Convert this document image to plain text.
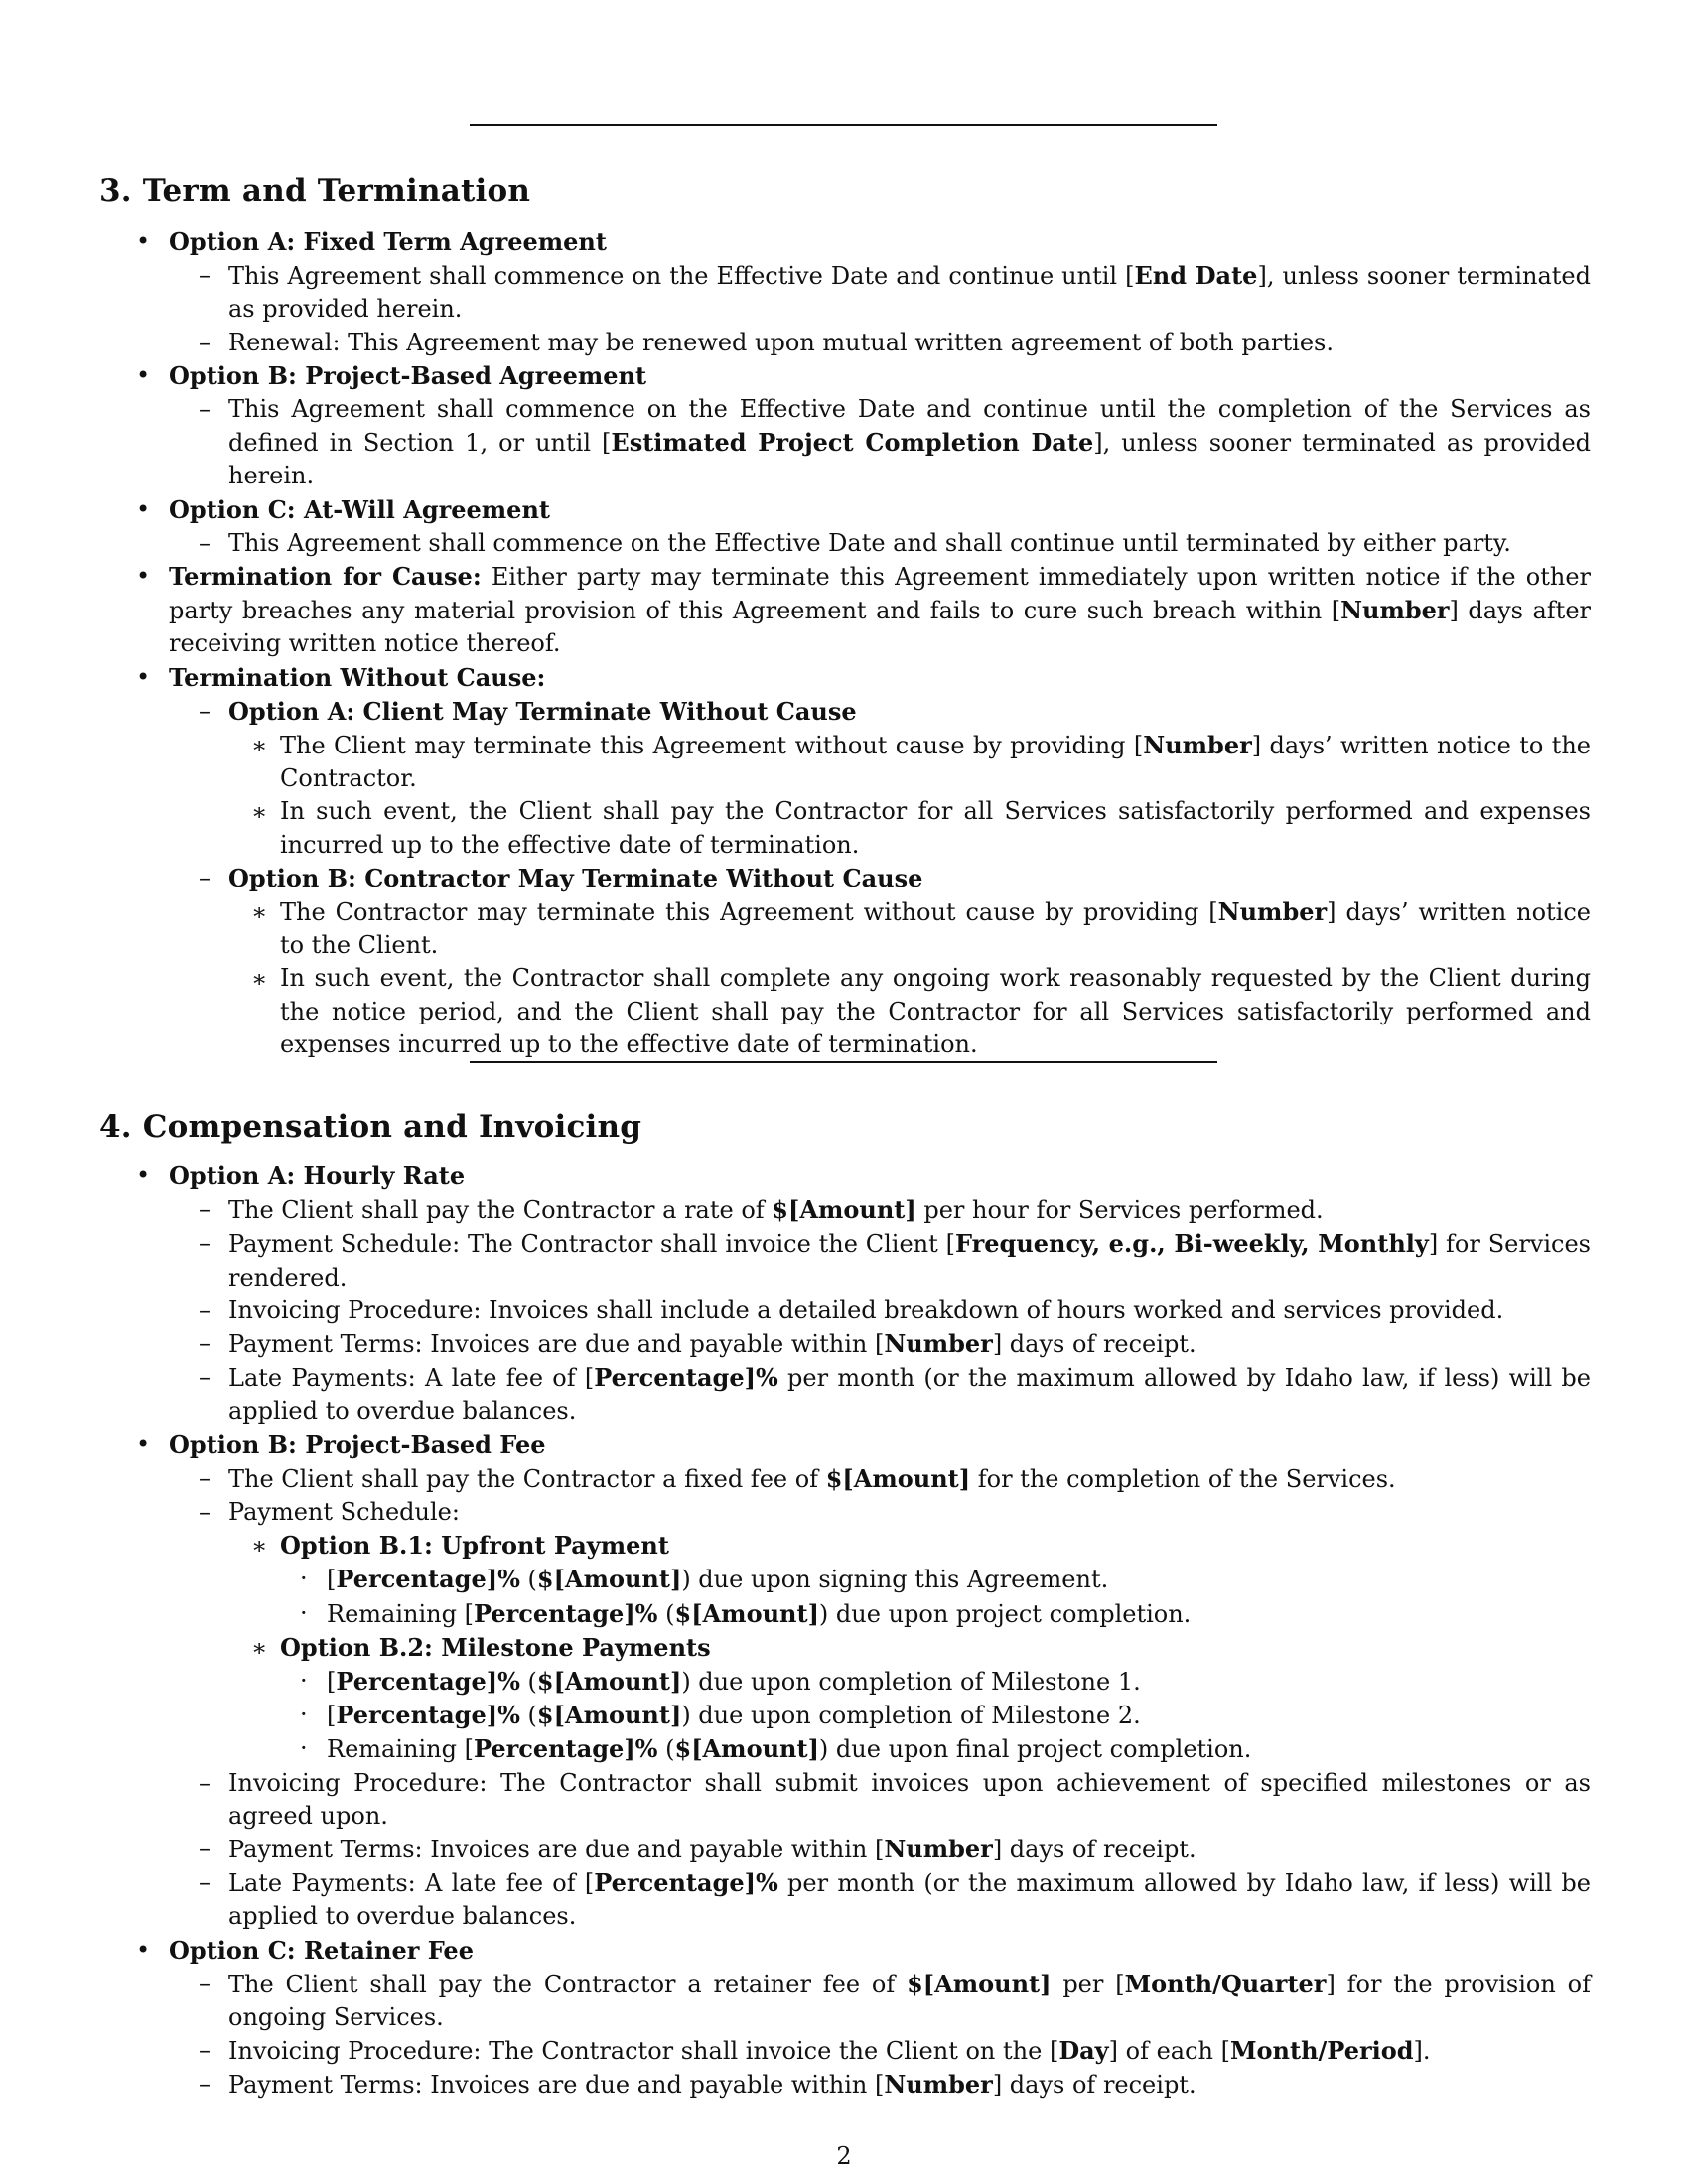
3. Term and Termination
• Option A: Fixed Term Agreement
– This Agreement shall commence on the Effective Date and continue until [End Date], unless sooner terminated as provided herein.
– Renewal: This Agreement may be renewed upon mutual written agreement of both parties.
• Option B: Project-Based Agreement
– This Agreement shall commence on the Effective Date and continue until the completion of the Services as defined in Section 1, or until [Estimated Project Completion Date], unless sooner terminated as provided herein.
• Option C: At-Will Agreement
– This Agreement shall commence on the Effective Date and shall continue until terminated by either party.
• Termination for Cause: Either party may terminate this Agreement immediately upon written notice if the other party breaches any material provision of this Agreement and fails to cure such breach within [Number] days after receiving written notice thereof.
• Termination Without Cause:
– Option A: Client May Terminate Without Cause
∗ The Client may terminate this Agreement without cause by providing [Number] days’ written notice to the Contractor.
∗ In such event, the Client shall pay the Contractor for all Services satisfactorily performed and expenses incurred up to the effective date of termination.
– Option B: Contractor May Terminate Without Cause
∗ The Contractor may terminate this Agreement without cause by providing [Number] days’ written notice to the Client.
∗ In such event, the Contractor shall complete any ongoing work reasonably requested by the Client during the notice period, and the Client shall pay the Contractor for all Services satisfactorily performed and expenses incurred up to the effective date of termination.
4. Compensation and Invoicing
• Option A: Hourly Rate
– The Client shall pay the Contractor a rate of $[Amount] per hour for Services performed.
– Payment Schedule: The Contractor shall invoice the Client [Frequency, e.g., Bi-weekly, Monthly] for Services rendered.
– Invoicing Procedure: Invoices shall include a detailed breakdown of hours worked and services provided.
– Payment Terms: Invoices are due and payable within [Number] days of receipt.
– Late Payments: A late fee of [Percentage]% per month (or the maximum allowed by Idaho law, if less) will be applied to overdue balances.
• Option B: Project-Based Fee
– The Client shall pay the Contractor a fixed fee of $[Amount] for the completion of the Services.
– Payment Schedule:
∗ Option B.1: Upfront Payment
· [Percentage]% ($[Amount]) due upon signing this Agreement.
· Remaining [Percentage]% ($[Amount]) due upon project completion.
∗ Option B.2: Milestone Payments
· [Percentage]% ($[Amount]) due upon completion of Milestone 1.
· [Percentage]% ($[Amount]) due upon completion of Milestone 2.
· Remaining [Percentage]% ($[Amount]) due upon final project completion.
– Invoicing Procedure: The Contractor shall submit invoices upon achievement of specified milestones or as agreed upon.
– Payment Terms: Invoices are due and payable within [Number] days of receipt.
– Late Payments: A late fee of [Percentage]% per month (or the maximum allowed by Idaho law, if less) will be applied to overdue balances.
• Option C: Retainer Fee
– The Client shall pay the Contractor a retainer fee of $[Amount] per [Month/Quarter] for the provision of ongoing Services.
– Invoicing Procedure: The Contractor shall invoice the Client on the [Day] of each [Month/Period].
– Payment Terms: Invoices are due and payable within [Number] days of receipt.
2
